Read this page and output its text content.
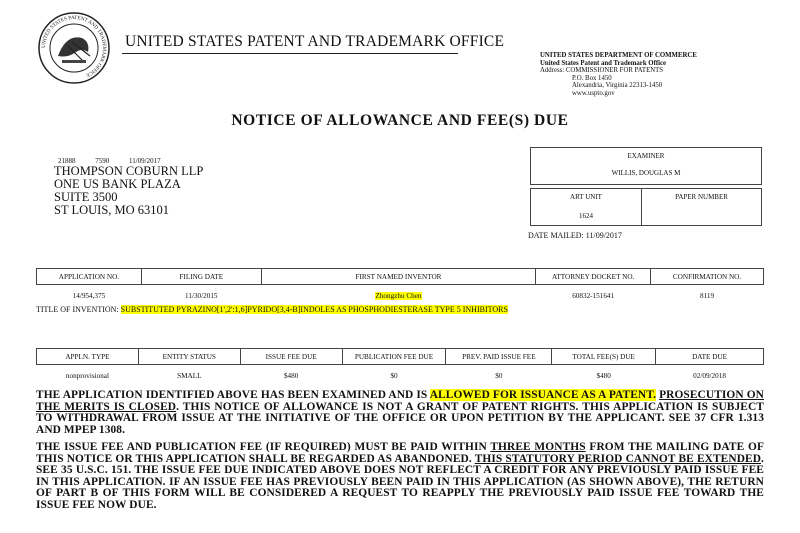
UNITED STATES PATENT AND TRADEMARK OFFICE
UNITED STATES PATENT AND TRADEMARK OFFICE
UNITED STATES DEPARTMENT OF COMMERCE
United States Patent and Trademark Office
Address: COMMISSIONER FOR PATENTS
P.O. Box 1450
Alexandria, Virginia 22313-1450
www.uspto.gov
NOTICE OF ALLOWANCE AND FEE(S) DUE
21888	7590	11/09/2017
THOMPSON COBURN LLP
ONE US BANK PLAZA
SUITE 3500
ST LOUIS, MO 63101
EXAMINER
WILLIS, DOUGLAS M
ART UNIT
1624
PAPER NUMBER
DATE MAILED: 11/09/2017
APPLICATION NO.	FILING DATE	FIRST NAMED INVENTOR	ATTORNEY DOCKET NO.	CONFIRMATION NO.
14/954,375	11/30/2015	Zhongzhu Chen	60832-151641	8119
TITLE OF INVENTION: SUBSTITUTED PYRAZINO[1',2':1,6]PYRIDO[3,4-B]INDOLES AS PHOSPHODIESTERASE TYPE 5 INHIBITORS
APPLN. TYPE	ENTITY STATUS	ISSUE FEE DUE	PUBLICATION FEE DUE	PREV. PAID ISSUE FEE	TOTAL FEE(S) DUE	DATE DUE
nonprovisional	SMALL	$480	$0	$0	$480	02/09/2018
THE APPLICATION IDENTIFIED ABOVE HAS BEEN EXAMINED AND IS ALLOWED FOR ISSUANCE AS A PATENT. PROSECUTION ON THE MERITS IS CLOSED. THIS NOTICE OF ALLOWANCE IS NOT A GRANT OF PATENT RIGHTS. THIS APPLICATION IS SUBJECT TO WITHDRAWAL FROM ISSUE AT THE INITIATIVE OF THE OFFICE OR UPON PETITION BY THE APPLICANT. SEE 37 CFR 1.313 AND MPEP 1308.
THE ISSUE FEE AND PUBLICATION FEE (IF REQUIRED) MUST BE PAID WITHIN THREE MONTHS FROM THE MAILING DATE OF THIS NOTICE OR THIS APPLICATION SHALL BE REGARDED AS ABANDONED. THIS STATUTORY PERIOD CANNOT BE EXTENDED. SEE 35 U.S.C. 151. THE ISSUE FEE DUE INDICATED ABOVE DOES NOT REFLECT A CREDIT FOR ANY PREVIOUSLY PAID ISSUE FEE IN THIS APPLICATION. IF AN ISSUE FEE HAS PREVIOUSLY BEEN PAID IN THIS APPLICATION (AS SHOWN ABOVE), THE RETURN OF PART B OF THIS FORM WILL BE CONSIDERED A REQUEST TO REAPPLY THE PREVIOUSLY PAID ISSUE FEE TOWARD THE ISSUE FEE NOW DUE.
